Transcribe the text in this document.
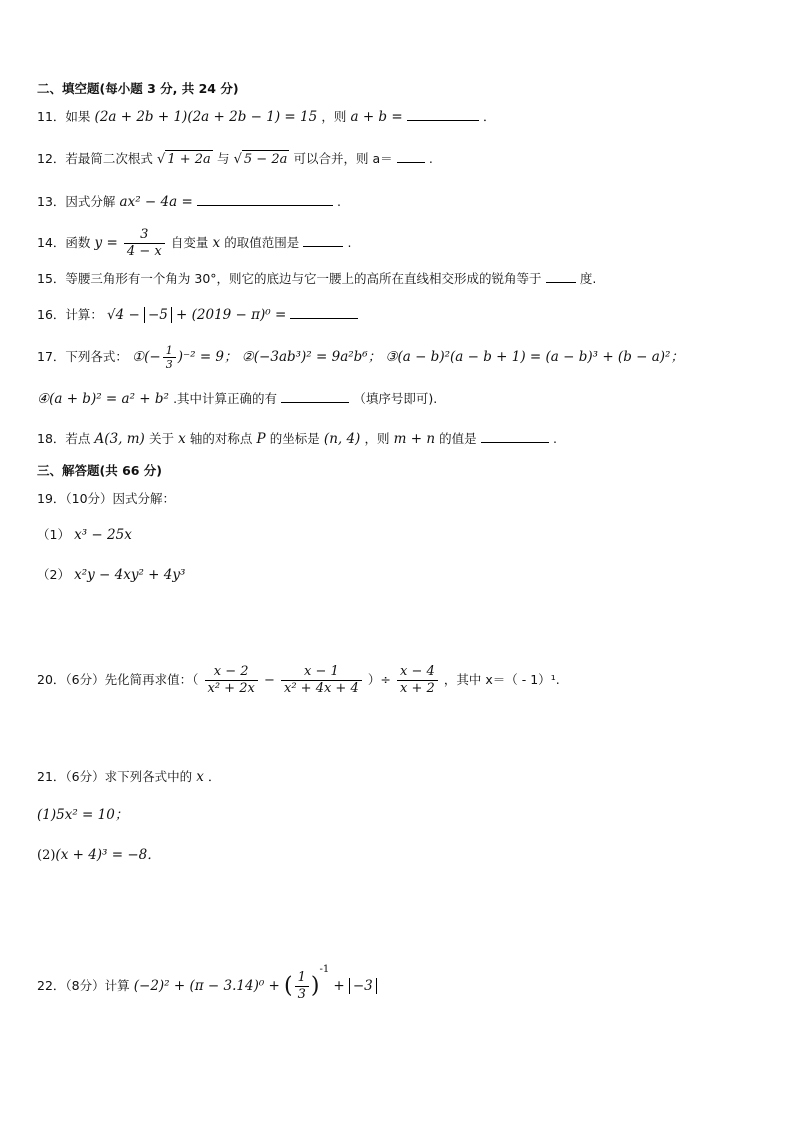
二、填空题(每小题 3 分, 共 24 分)
11．如果 (2a + 2b + 1)(2a + 2b − 1) = 15 ，则 a + b =	．
12．若最简二次根式 √ 1 + 2a 与 √ 5 − 2a 可以合并，则 a＝	.
13．因式分解 ax² − 4a =	.
14．函数 $y = \frac{3}{4 - x}$ 自变量 x 的取值范围是	.
15．等腰三角形有一个角为 30°，则它的底边与它一腰上的高所在直线相交形成的锐角等于	度.
16．计算： √4 − −5 + (2019 − π)⁰ =
17．下列各式： ①(− $\frac{1}{3} )^{-2} = 9$； ②(−3ab³)² = 9a²b⁶； ③(a − b)²(a − b + 1) = (a − b)³ + (b − a)²；
④(a + b)² = a² + b² .其中计算正确的有	（填序号即可).
18．若点 A(3, m) 关于 x 轴的对称点 P 的坐标是 (n, 4) ，则 m + n 的值是	.
三、解答题(共 66 分)
19．（10分）因式分解：
（1） x³ − 25x
（2） x²y − 4xy² + 4y³
20．（6分）先化简再求值：（ $\frac{x - 2}{\text{x² + 2x}} - \frac{x - 1}{\text{x² + 4x + 4}}$ ）÷ $\frac{x - 4}{x + 2}$ ，其中 x＝（ - 1）¹.
21．（6分）求下列各式中的 x ．
(1)5x² = 10；
(2)(x + 4)³ = −8．
22．（8分）计算 (−2)² + (π − 3.14)⁰ + ( $\frac{1}{3} )^{-1} + -3$
